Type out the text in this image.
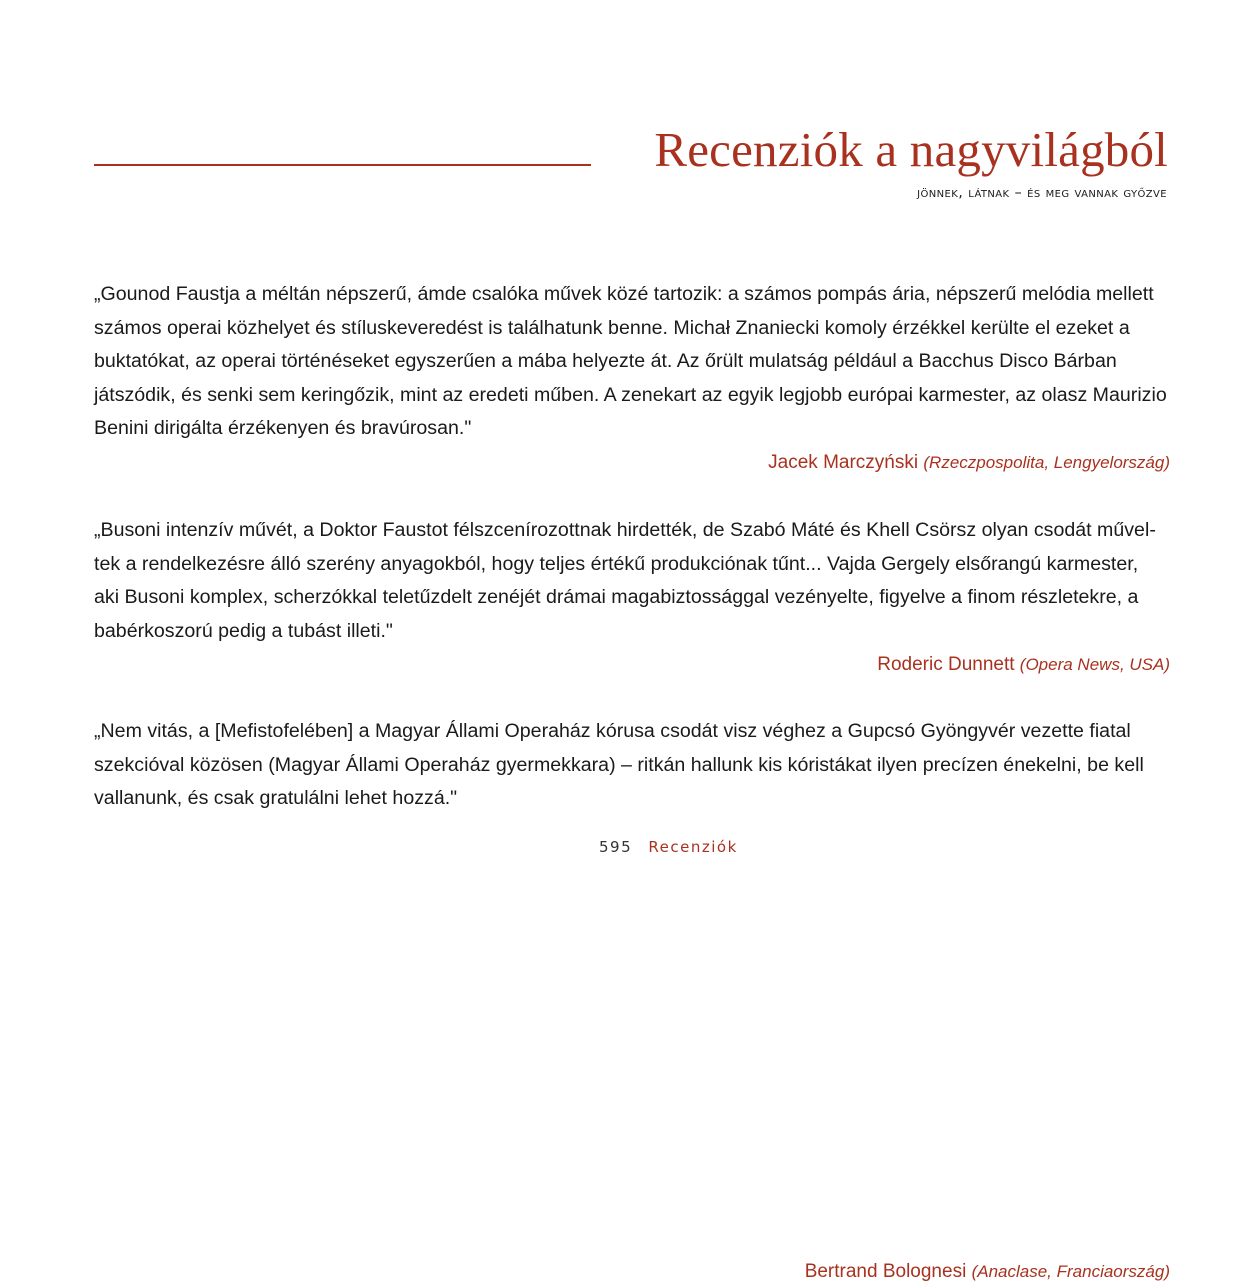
Recenziók a nagyvilágból

jönnek, látnak – és meg vannak győzve

„Gounod Faustja a méltán népszerű, ámde csalóka művek közé tartozik: a számos pompás ária, népszerű melódia mellett számos operai közhelyet és stíluskeveredést is találhatunk benne. Michał Znaniecki komoly érzékkel kerülte el ezeket a buktatókat, az operai történéseket egyszerűen a mába helyezte át. Az őrült mulatság például a Bacchus Disco Bárban játszódik, és senki sem keringőzik, mint az eredeti műben. A zenekart az egyik legjobb európai karmester, az olasz Maurizio Benini dirigálta érzékenyen és bravúrosan."

Jacek Marczyński (Rzeczpospolita, Lengyelország)

„Busoni intenzív művét, a Doktor Faustot félszcenírozottnak hirdették, de Szabó Máté és Khell Csörsz olyan csodát műveltek a rendelkezésre álló szerény anyagokból, hogy teljes értékű produkciónak tűnt... Vajda Gergely elsőrangú karmester, aki Busoni komplex, scherzókkal teletűzdelt zenéjét drámai magabiztossággal vezényelte, figyelve a finom részletekre, a babérkoszorú pedig a tubást illeti."

Roderic Dunnett (Opera News, USA)

„Nem vitás, a [Mefistofelében] a Magyar Állami Operaház kórusa csodát visz véghez a Gupcsó Gyöngyvér vezette fiatal szekcióval közösen (Magyar Állami Operaház gyermekkara) – ritkán hallunk kis kóristákat ilyen precízen énekelni, be kell vallanunk, és csak gratulálni lehet hozzá."

Bertrand Bolognesi (Anaclase, Franciaország)

595 Recenziók
